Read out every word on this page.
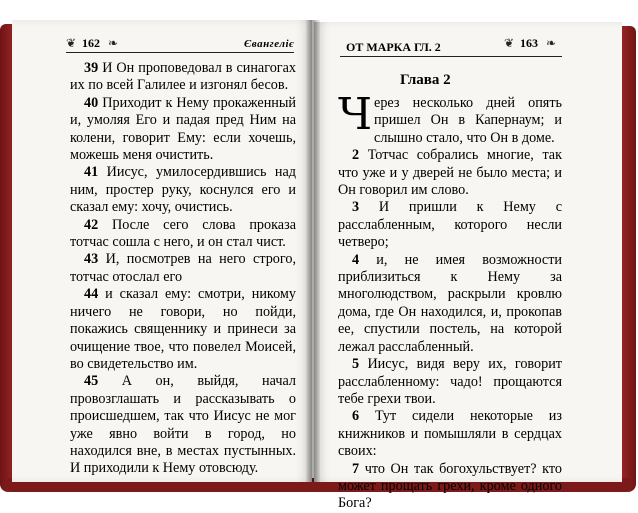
❦ 162 ❧	Євангеліє	ОТ МАРКА ГЛ. 2	❦ 163 ❧

39 И Он проповедовал в синагогах их по всей Галилее и изгонял бесов.

40 Приходит к Нему прокаженный и, умоляя Его и падая пред Ним на колени, говорит Ему: если хочешь, можешь меня очистить.

41 Иисус, умилосердившись над ним, простер руку, коснулся его и сказал ему: хочу, очистись.

42 После сего слова проказа тотчас сошла с него, и он стал чист.

43 И, посмотрев на него строго, тотчас отослал его

44 и сказал ему: смотри, никому ничего не говори, но пойди, покажись священнику и принеси за очищение твое, что повелел Моисей, во свидетельство им.

45 А он, выйдя, начал провозглашать и рассказывать о происшедшем, так что Иисус не мог уже явно войти в город, но находился вне, в местах пустынных. И приходили к Нему отовсюду.

Глава 2

Через несколько дней опять пришел Он в Капернаум; и слышно стало, что Он в доме.

2 Тотчас собрались многие, так что уже и у дверей не было места; и Он говорил им слово.

3 И пришли к Нему с расслабленным, которого несли четверо;

4 и, не имея возможности приблизиться к Нему за многолюдством, раскрыли кровлю дома, где Он находился, и, прокопав ее, спустили постель, на которой лежал расслабленный.

5 Иисус, видя веру их, говорит расслабленному: чадо! прощаются тебе грехи твои.

6 Тут сидели некоторые из книжников и помышляли в сердцах своих:

7 что Он так богохульствует? кто может прощать грехи, кроме одного Бога?
